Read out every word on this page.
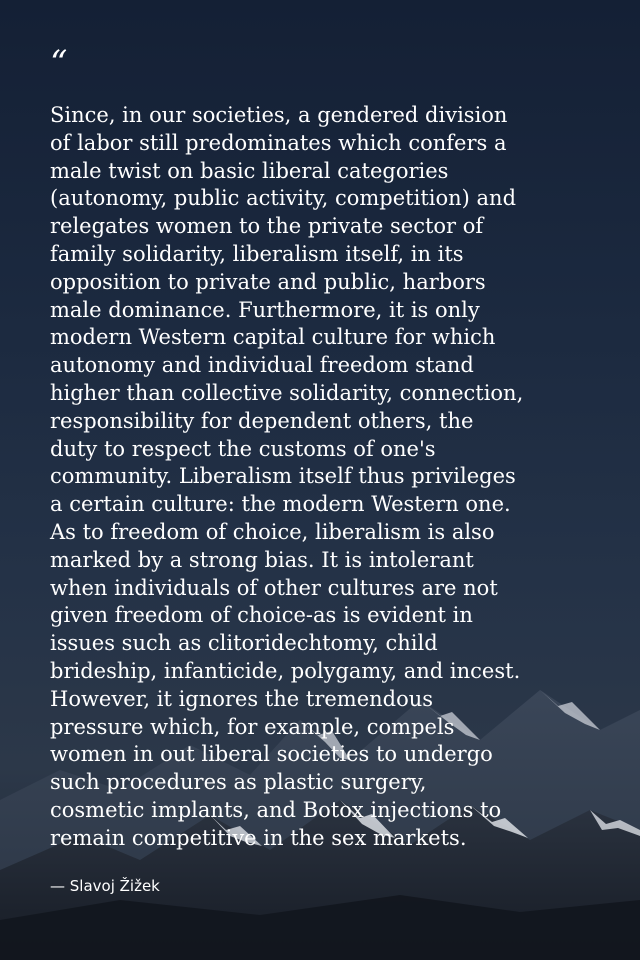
“

Since, in our societies, a gendered division
of labor still predominates which confers a
male twist on basic liberal categories
(autonomy, public activity, competition) and
relegates women to the private sector of
family solidarity, liberalism itself, in its
opposition to private and public, harbors
male dominance. Furthermore, it is only
modern Western capital culture for which
autonomy and individual freedom stand
higher than collective solidarity, connection,
responsibility for dependent others, the
duty to respect the customs of one's
community. Liberalism itself thus privileges
a certain culture: the modern Western one.
As to freedom of choice, liberalism is also
marked by a strong bias. It is intolerant
when individuals of other cultures are not
given freedom of choice-as is evident in
issues such as clitoridechtomy, child
brideship, infanticide, polygamy, and incest.
However, it ignores the tremendous
pressure which, for example, compels
women in out liberal societies to undergo
such procedures as plastic surgery,
cosmetic implants, and Botox injections to
remain competitive in the sex markets.

— Slavoj Žižek
